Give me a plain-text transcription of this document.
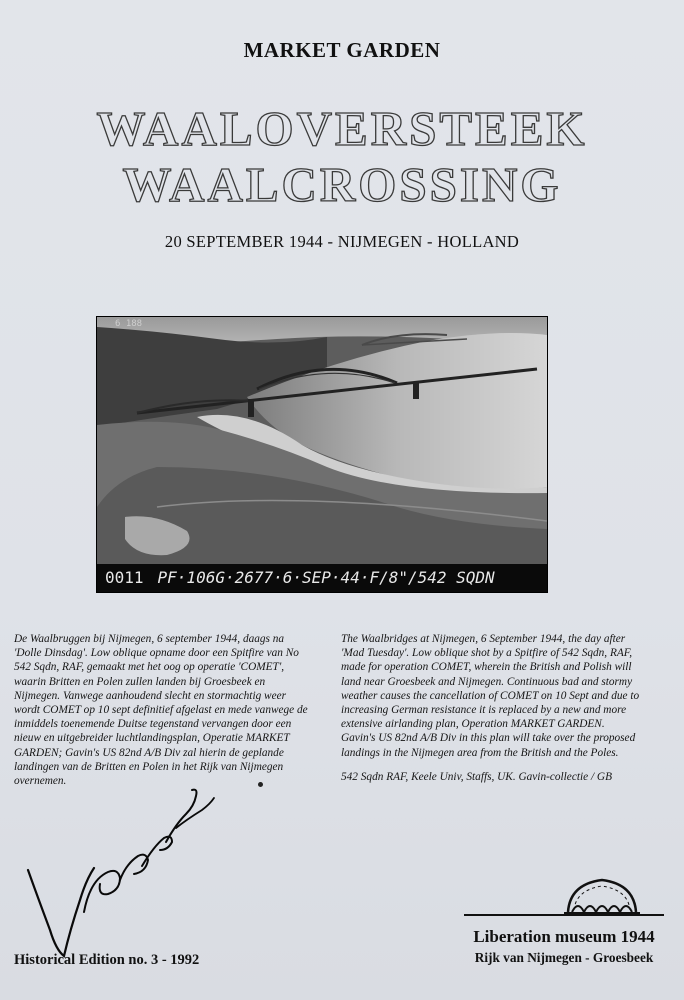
MARKET GARDEN
WAALOVERSTEEK
WAALCROSSING
20 SEPTEMBER 1944 - NIJMEGEN - HOLLAND
6 188
0011 PF·106G·2677·6·SEP·44·F/8"/542 SQDN

De Waalbruggen bij Nijmegen, 6 september 1944, daags na 'Dolle Dinsdag'. Low oblique opname door een Spitfire van No 542 Sqdn, RAF, gemaakt met het oog op operatie 'COMET', waarin Britten en Polen zullen landen bij Groesbeek en Nijmegen. Vanwege aanhoudend slecht en stormachtig weer wordt COMET op 10 sept definitief afgelast en mede vanwege de inmiddels toenemende Duitse tegenstand vervangen door een nieuw en uitgebreider luchtlandingsplan, Operatie MARKET GARDEN; Gavin's US 82nd A/B Div zal hierin de geplande landingen van de Britten en Polen in het Rijk van Nijmegen overnemen.

The Waalbridges at Nijmegen, 6 September 1944, the day after 'Mad Tuesday'. Low oblique shot by a Spitfire of 542 Sqdn, RAF, made for operation COMET, wherein the British and Polish will land near Groesbeek and Nijmegen. Continuous bad and stormy weather causes the cancellation of COMET on 10 Sept and due to increasing German resistance it is replaced by a new and more extensive airlanding plan, Operation MARKET GARDEN. Gavin's US 82nd A/B Div in this plan will take over the proposed landings in the Nijmegen area from the British and the Poles.

542 Sqdn RAF, Keele Univ, Staffs, UK. Gavin-collectie / GB

Historical Edition no. 3 - 1992
Liberation museum 1944
Rijk van Nijmegen - Groesbeek
